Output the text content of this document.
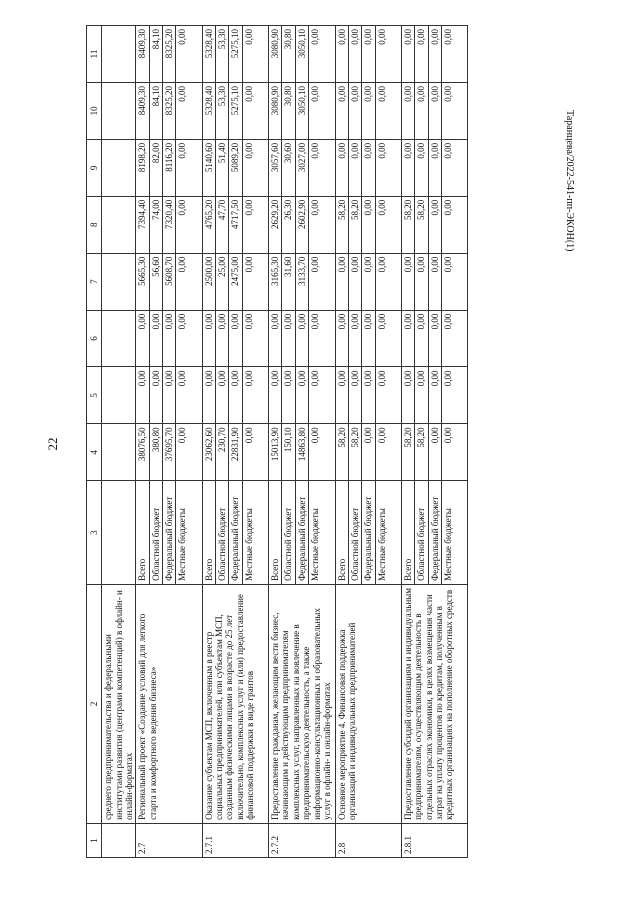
22
Таранцева/2022-541-пп-ЭКОН(1)
1	2	3	4	5	6	7	8	9	10	11
	среднего предпринимательства и федеральными институтами развития (центрами компетенций) в офлайн- и онлайн-форматах									
2.7	Региональный проект «Создание условий для легкого старта и комфортного ведения бизнеса»	Всего	38076,50	0,00	0,00	5665,30	7394,40	8198,20	8409,30	8409,30
		Областной бюджет	380,80	0,00	0,00	56,60	74,00	82,00	84,10	84,10
		Федеральный бюджет	37695,70	0,00	0,00	5608,70	7320,40	8116,20	8325,20	8325,20
		Местные бюджеты	0,00	0,00	0,00	0,00	0,00	0,00	0,00	0,00
2.7.1	Оказание субъектам МСП, включенным в реестр социальных предпринимателей, или субъектам МСП, созданным физическими лицами в возрасте до 25 лет включительно, комплексных услуг и (или) предоставление финансовой поддержки в виде грантов	Всего	23062,60	0,00	0,00	2500,00	4765,20	5140,60	5328,40	5328,40
		Областной бюджет	230,70	0,00	0,00	25,00	47,70	51,40	53,30	53,30
		Федеральный бюджет	22831,90	0,00	0,00	2475,00	4717,50	5089,20	5275,10	5275,10
		Местные бюджеты	0,00	0,00	0,00	0,00	0,00	0,00	0,00	0,00
2.7.2	Предоставление гражданам, желающим вести бизнес, начинающим и действующим предпринимателям комплексных услуг, направленных на вовлечение в предпринимательскую деятельность, а также информационно-консультационных и образовательных услуг в офлайн- и онлайн-форматах	Всего	15013,90	0,00	0,00	3165,30	2629,20	3057,60	3080,90	3080,90
		Областной бюджет	150,10	0,00	0,00	31,60	26,30	30,60	30,80	30,80
		Федеральный бюджет	14863,80	0,00	0,00	3133,70	2602,90	3027,00	3050,10	3050,10
		Местные бюджеты	0,00	0,00	0,00	0,00	0,00	0,00	0,00	0,00
2.8	Основное мероприятие 4. Финансовая поддержка организаций и индивидуальных предпринимателей	Всего	58,20	0,00	0,00	0,00	58,20	0,00	0,00	0,00
		Областной бюджет	58,20	0,00	0,00	0,00	58,20	0,00	0,00	0,00
		Федеральный бюджет	0,00	0,00	0,00	0,00	0,00	0,00	0,00	0,00
		Местные бюджеты	0,00	0,00	0,00	0,00	0,00	0,00	0,00	0,00
2.8.1	Предоставление субсидий организациям и индивидуальным предпринимателям, осуществляющим деятельность в отдельных отраслях экономики, в целях возмещения части затрат на уплату процентов по кредитам, полученным в кредитных организациях на пополнение оборотных средств	Всего	58,20	0,00	0,00	0,00	58,20	0,00	0,00	0,00
		Областной бюджет	58,20	0,00	0,00	0,00	58,20	0,00	0,00	0,00
		Федеральный бюджет	0,00	0,00	0,00	0,00	0,00	0,00	0,00	0,00
		Местные бюджеты	0,00	0,00	0,00	0,00	0,00	0,00	0,00	0,00
